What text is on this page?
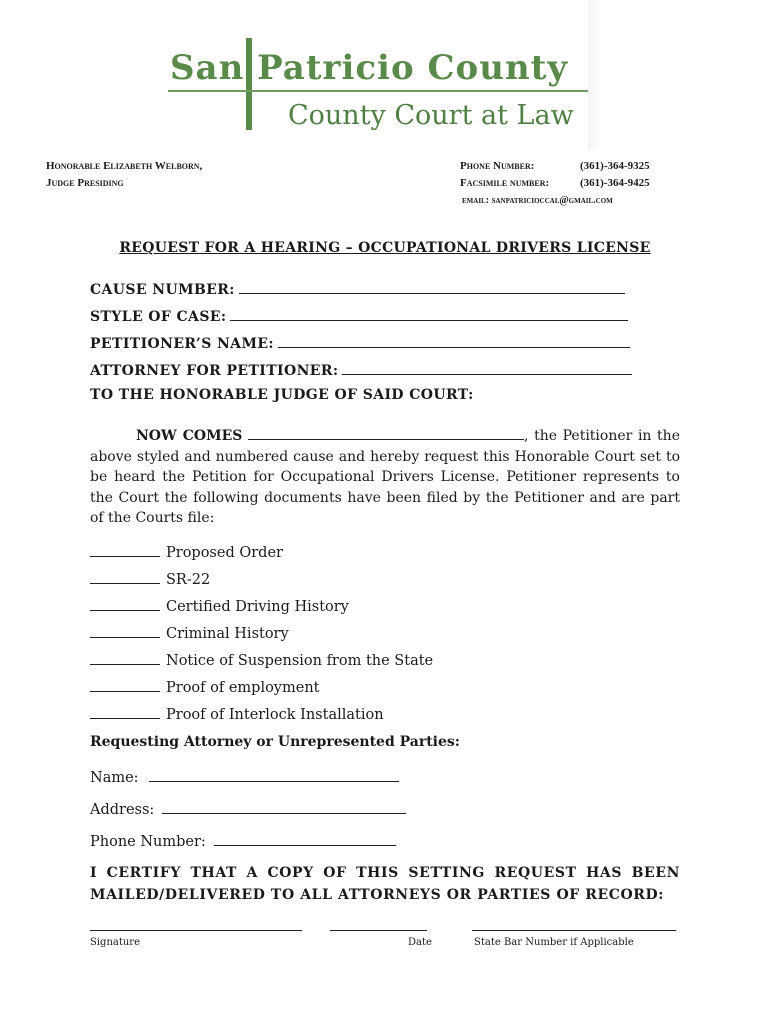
San Patricio County
County Court at Law
Honorable Elizabeth Welborn,
Judge Presiding
Phone Number:	(361)-364-9325
Facsimile number:	(361)-364-9425
email: sanpatricioccal@gmail.com
REQUEST FOR A HEARING – OCCUPATIONAL DRIVERS LICENSE
CAUSE NUMBER:
STYLE OF CASE:
PETITIONER’S NAME:
ATTORNEY FOR PETITIONER:
TO THE HONORABLE JUDGE OF SAID COURT:
NOW COMES	, the Petitioner in the above styled and numbered cause and hereby request this Honorable Court set to be heard the Petition for Occupational Drivers License. Petitioner represents to the Court the following documents have been filed by the Petitioner and are part of the Courts file:
Proposed Order
SR-22
Certified Driving History
Criminal History
Notice of Suspension from the State
Proof of employment
Proof of Interlock Installation
Requesting Attorney or Unrepresented Parties:
Name:
Address:
Phone Number:
I CERTIFY THAT A COPY OF THIS SETTING REQUEST HAS BEEN MAILED/DELIVERED TO ALL ATTORNEYS OR PARTIES OF RECORD:
Signature	Date	State Bar Number if Applicable
